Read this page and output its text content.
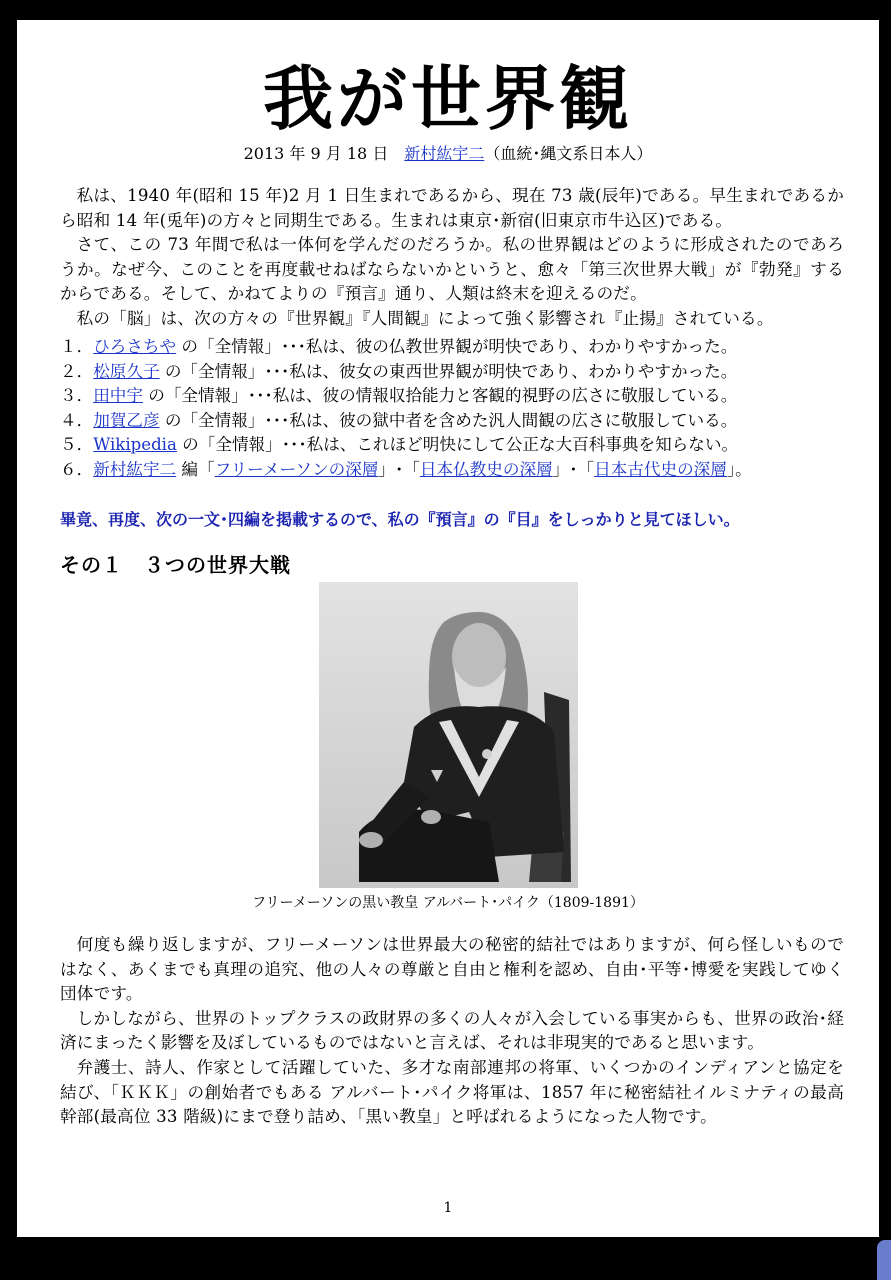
我が世界観
2013 年 9 月 18 日　 新村紘宇二（血統･縄文系日本人）

私は、1940 年(昭和 15 年)2 月 1 日生まれであるから、現在 73 歳(辰年)である。早生まれであるから昭和 14 年(兎年)の方々と同期生である。生まれは東京･新宿(旧東京市牛込区)である。

さて、この 73 年間で私は一体何を学んだのだろうか。私の世界観はどのように形成されたのであろうか。なぜ今、このことを再度載せねばならないかというと、愈々「第三次世界大戦」が『勃発』するからである。そして、かねてよりの『預言』通り、人類は終末を迎えるのだ。

私の「脳」は、次の方々の『世界観』『人間観』によって強く影響され『止揚』されている。

１．ひろさちや の「全情報」･･･私は、彼の仏教世界観が明快であり、わかりやすかった。
２．松原久子 の「全情報」･･･私は、彼女の東西世界観が明快であり、わかりやすかった。
３．田中宇 の「全情報」･･･私は、彼の情報収拾能力と客観的視野の広さに敬服している。
４．加賀乙彦 の「全情報」･･･私は、彼の獄中者を含めた汎人間観の広さに敬服している。
５．Wikipedia の「全情報」･･･私は、これほど明快にして公正な大百科事典を知らない。
６．新村紘宇二 編「フリーメーソンの深層」･「日本仏教史の深層」･「日本古代史の深層」。
畢竟、再度、次の一文･四編を掲載するので、私の『預言』の『目』をしっかりと見てほしい。
その１　３つの世界大戦
フリーメーソンの黒い教皇 アルバート･パイク（1809-1891）

何度も繰り返しますが、フリーメーソンは世界最大の秘密的結社ではありますが、何ら怪しいものではなく、あくまでも真理の追究、他の人々の尊厳と自由と権利を認め、自由･平等･博愛を実践してゆく団体です。

しかしながら、世界のトップクラスの政財界の多くの人々が入会している事実からも、世界の政治･経済にまったく影響を及ぼしているものではないと言えば、それは非現実的であると思います。

弁護士、詩人、作家として活躍していた、多才な南部連邦の将軍、いくつかのインディアンと協定を結び、「ＫＫＫ」の創始者でもある アルバート･パイク将軍は、1857 年に秘密結社イルミナティの最高幹部(最高位 33 階級)にまで登り詰め、「黒い教皇」と呼ばれるようになった人物です。

1
